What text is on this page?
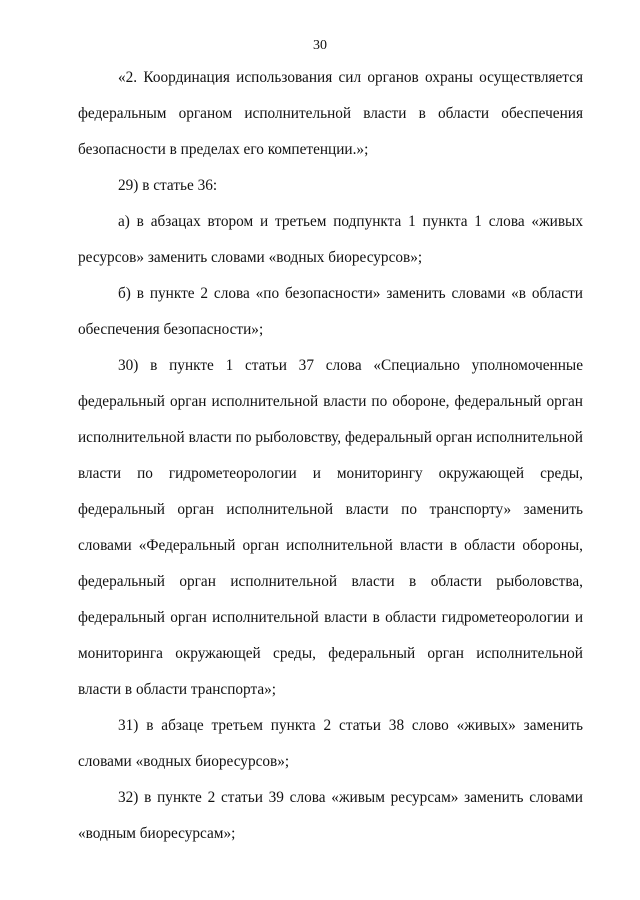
30

«2. Координация использования сил органов охраны осуществляется федеральным органом исполнительной власти в области обеспечения безопасности в пределах его компетенции.»;

29) в статье 36:

а) в абзацах втором и третьем подпункта 1 пункта 1 слова «живых ресурсов» заменить словами «водных биоресурсов»;

б) в пункте 2 слова «по безопасности» заменить словами «в области обеспечения безопасности»;

30) в пункте 1 статьи 37 слова «Специально уполномоченные федеральный орган исполнительной власти по обороне, федеральный орган исполнительной власти по рыболовству, федеральный орган исполнительной власти по гидрометеорологии и мониторингу окружающей среды, федеральный орган исполнительной власти по транспорту» заменить словами «Федеральный орган исполнительной власти в области обороны, федеральный орган исполнительной власти в области рыболовства, федеральный орган исполнительной власти в области гидрометеорологии и мониторинга окружающей среды, федеральный орган исполнительной власти в области транспорта»;

31) в абзаце третьем пункта 2 статьи 38 слово «живых» заменить словами «водных биоресурсов»;

32) в пункте 2 статьи 39 слова «живым ресурсам» заменить словами «водным биоресурсам»;
